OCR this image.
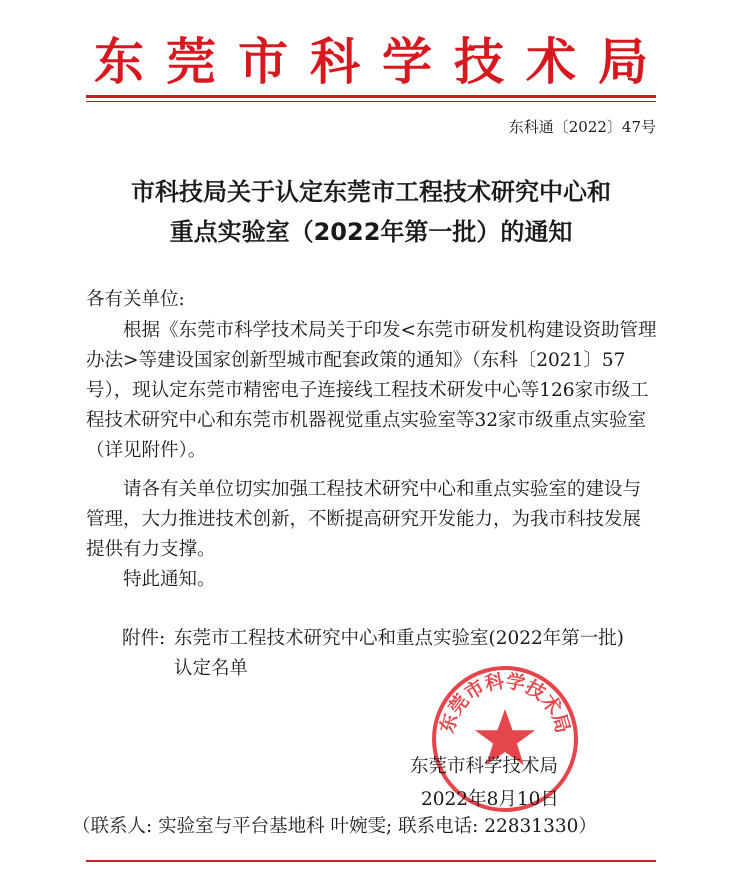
东莞市科学技术局
东科通〔2022〕47号
市科技局关于认定东莞市工程技术研究中心和
重点实验室（2022年第一批）的通知
各有关单位:
根据《东莞市科学技术局关于印发<东莞市研发机构建设资助管理办法>等建设国家创新型城市配套政策的通知》（东科〔2021〕57号），现认定东莞市精密电子连接线工程技术研发中心等126家市级工程技术研究中心和东莞市机器视觉重点实验室等32家市级重点实验室（详见附件）。
请各有关单位切实加强工程技术研究中心和重点实验室的建设与管理，大力推进技术创新，不断提高研究开发能力，为我市科技发展提供有力支撑。
特此通知。
附件: 东莞市工程技术研究中心和重点实验室(2022年第一批)
认定名单
东莞市科学技术局
东莞市科学技术局
2022年8月10日
（联系人: 实验室与平台基地科 叶婉雯; 联系电话: 22831330）
